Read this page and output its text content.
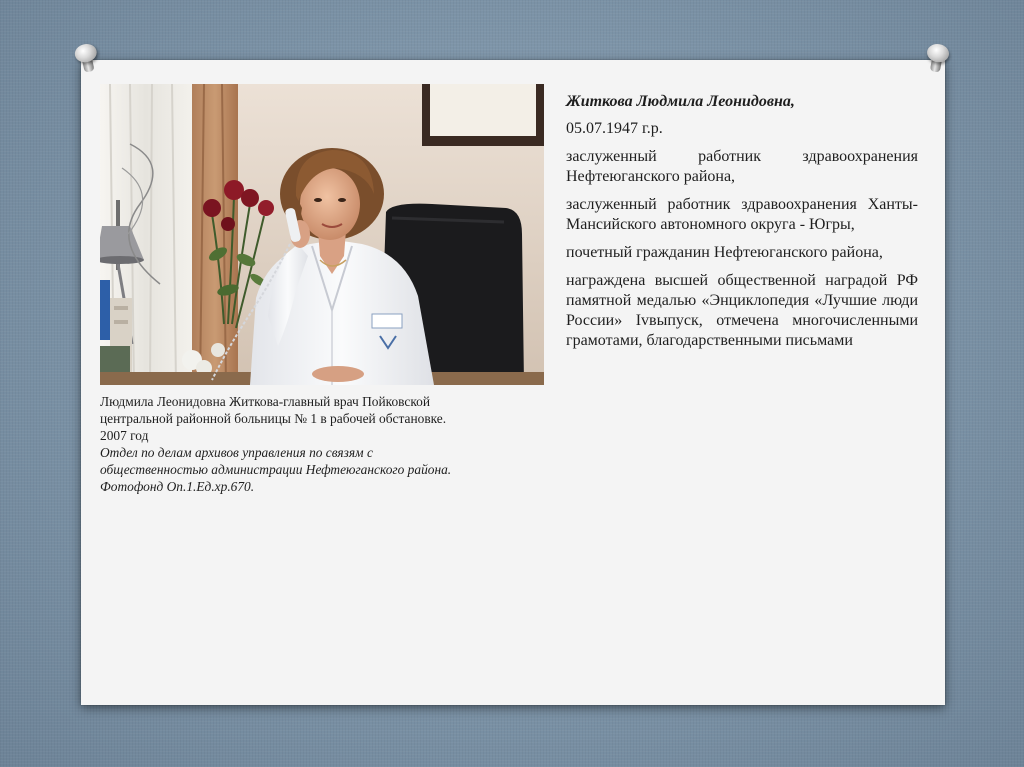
Людмила Леонидовна Житкова-главный врач Пойковской
центральной районной больницы № 1 в рабочей обстановке.
2007 год
Отдел по делам архивов управления по связям с
общественностью администрации Нефтеюганского района.
Фотофонд Оп.1.Ед.хр.670.

Житкова Людмила Леонидовна,

05.07.1947 г.р.

заслуженный работник здравоохранения Нефтеюганского района,

заслуженный работник здравоохранения Ханты-Мансийского автономного округа - Югры,

почетный гражданин Нефтеюганского района,

награждена высшей общественной наградой РФ памятной медалью «Энциклопедия «Лучшие люди России» Ivвыпуск, отмечена многочисленными грамотами, благодарственными письмами
